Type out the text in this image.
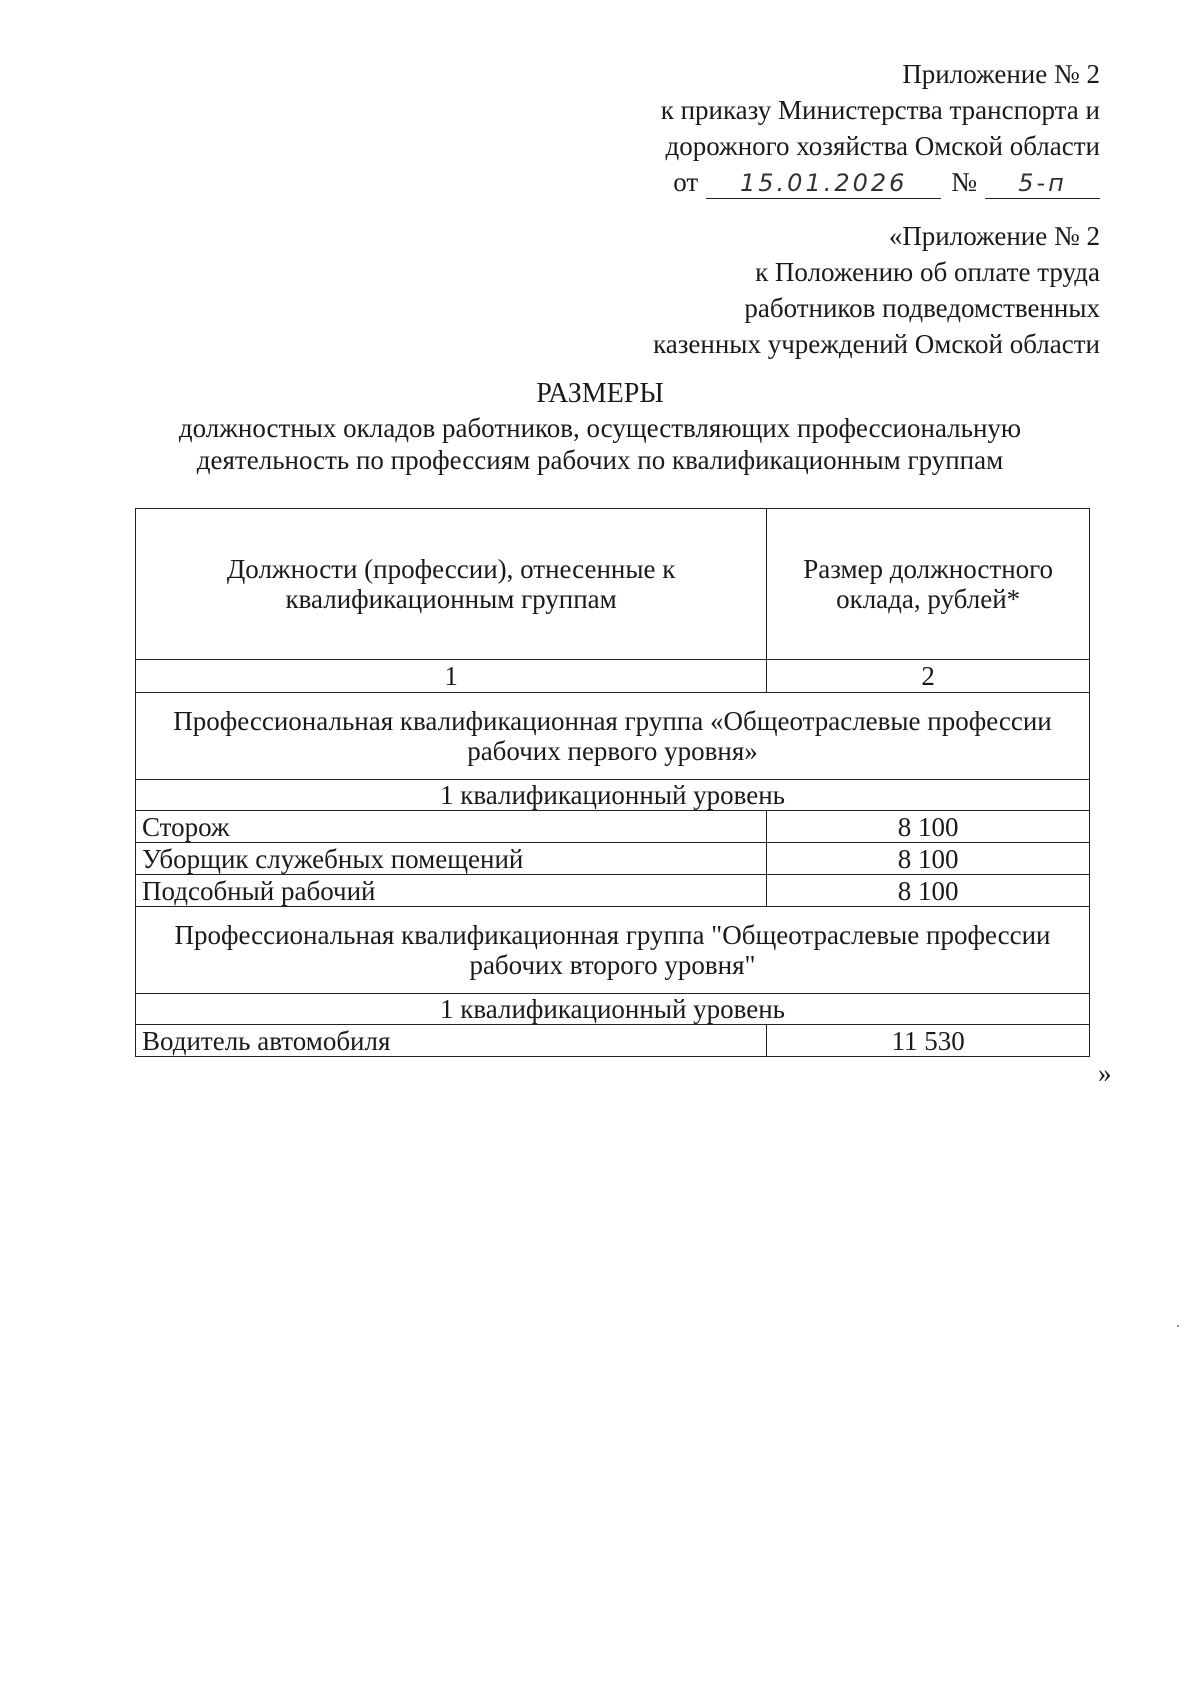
Приложение № 2
к приказу Министерства транспорта и
дорожного хозяйства Омской области
от 15.01.2026 № 5-п
«Приложение № 2
к Положению об оплате труда
работников подведомственных
казенных учреждений Омской области
РАЗМЕРЫ
должностных окладов работников, осуществляющих профессиональную
деятельность по профессиям рабочих по квалификационным группам
Должности (профессии), отнесенные к квалификационным группам	Размер должностного оклада, рублей*
1	2
Профессиональная квалификационная группа «Общеотраслевые профессии рабочих первого уровня»	
1 квалификационный уровень	
Сторож	8 100
Уборщик служебных помещений	8 100
Подсобный рабочий	8 100
Профессиональная квалификационная группа "Общеотраслевые профессии рабочих второго уровня"	
1 квалификационный уровень	
Водитель автомобиля	11 530
»
